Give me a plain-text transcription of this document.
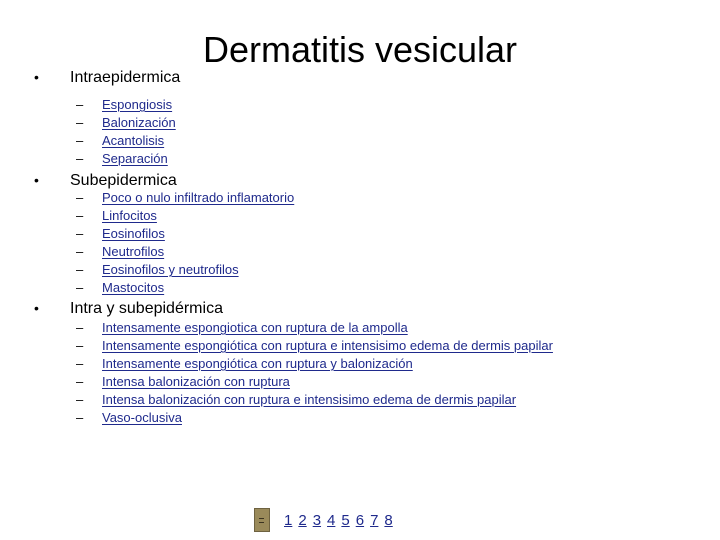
Dermatitis vesicular
• Intraepidermica
–	Espongiosis
–	Balonización
–	Acantolisis
–	Separación
• Subepidermica
–	Poco o nulo infiltrado inflamatorio
–	Linfocitos
–	Eosinofilos
–	Neutrofilos
–	Eosinofilos y neutrofilos
–	Mastocitos
• Intra y subepidérmica
–	Intensamente espongiotica con ruptura de la ampolla
–	Intensamente espongiótica con ruptura e intensisimo edema de dermis papilar
–	Intensamente espongiótica con ruptura y balonización
–	Intensa balonización con ruptura
–	Intensa balonización con ruptura e intensisimo edema de dermis papilar
–	Vaso-oclusiva
1 2 3 4 5 6 7 8
